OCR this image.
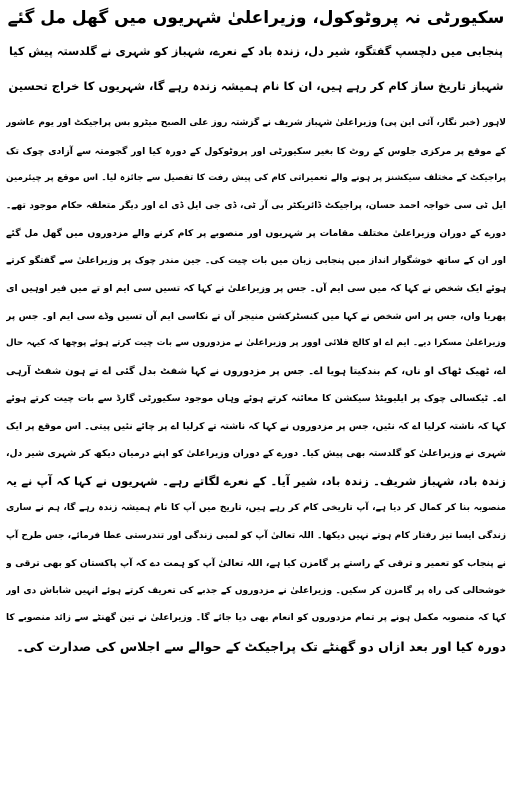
سکیورٹی نہ پروٹوکول، وزیراعلیٰ شہریوں میں گھل مل گئے
پنجابی میں دلچسپ گفتگو، شیر دل، زندہ باد کے نعرے، شہباز کو شہری نے گلدستہ پیش کیا
شہباز تاریخ ساز کام کر رہے ہیں، ان کا نام ہمیشہ زندہ رہے گا، شہریوں کا خراج تحسین
لاہور (خبر نگار، آئی این پی) وزیراعلیٰ شہباز شریف نے گزشتہ روز علی الصبح میٹرو بس پراجیکٹ اور یوم عاشور
کے موقع پر مرکزی جلوس کے روٹ کا بغیر سکیورٹی اور پروٹوکول کے دورہ کیا اور گجومتہ سے آزادی چوک تک
پراجیکٹ کے مختلف سیکشنز پر ہونے والے تعمیراتی کام کی پیش رفت کا تفصیل سے جائزہ لیا۔ اس موقع پر چیئرمین
ایل ٹی سی خواجہ احمد حسان، پراجیکٹ ڈائریکٹر بی آر ٹی، ڈی جی ایل ڈی اے اور دیگر متعلقہ حکام موجود تھے۔
دورے کے دوران وزیراعلیٰ مختلف مقامات پر شہریوں اور منصوبے پر کام کرنے والے مزدوروں میں گھل مل گئے
اور ان کے ساتھ خوشگوار انداز میں پنجابی زبان میں بات چیت کی۔ جین مندر چوک پر وزیراعلیٰ سے گفتگو کرتے
ہوئے ایک شخص نے کہا کہ میں سی ایم آں۔ جس پر وزیراعلیٰ نے کہا کہ تسیں سی ایم او تے میں فیر اوہیں ای
پھریا واں، جس پر اس شخص نے کہا میں کنسٹرکشن منیجر آں تے نکاسی ایم آں تسیں وڈے سی ایم او۔ جس پر
وزیراعلیٰ مسکرا دیے۔ ایم اے او کالج فلائی اوور پر وزیراعلیٰ نے مزدوروں سے بات چیت کرتے ہوئے پوچھا کہ کیہہ حال
اے، ٹھیک ٹھاک او ناں، کم بندکیتا ہویا اے۔ جس پر مزدوروں نے کہا شفٹ بدل گئی اے تے ہون شفٹ آرہی
اے۔ ٹیکسالی چوک پر ایلیویٹڈ سیکشن کا معائنہ کرتے ہوئے وہاں موجود سکیورٹی گارڈ سے بات چیت کرتے ہوئے
کہا کہ ناشتہ کرلیا اے کہ نئیں، جس پر مزدوروں نے کہا کہ ناشتہ تے کرلیا اے پر چائے نئیں پیتی۔ اس موقع پر ایک
شہری نے وزیراعلیٰ کو گلدستہ بھی پیش کیا۔ دورے کے دوران وزیراعلیٰ کو اپنے درمیان دیکھ کر شہری شیر دل،
زندہ باد، شہباز شریف۔ زندہ باد، شیر آیا۔ کے نعرے لگاتے رہے۔ شہریوں نے کہا کہ آپ نے یہ
منصوبہ بنا کر کمال کر دیا ہے، آپ تاریخی کام کر رہے ہیں، تاریخ میں آپ کا نام ہمیشہ زندہ رہے گا، ہم نے ساری
زندگی ایسا تیز رفتار کام ہوتے نہیں دیکھا۔ اللہ تعالیٰ آپ کو لمبی زندگی اور تندرستی عطا فرمائے، جس طرح آپ
نے پنجاب کو تعمیر و ترقی کے راستے پر گامزن کیا ہے، اللہ تعالیٰ آپ کو ہمت دے کہ آپ پاکستان کو بھی ترقی و
خوشحالی کی راہ پر گامزن کر سکیں۔ وزیراعلیٰ نے مزدوروں کے جذبے کی تعریف کرتے ہوئے انہیں شاباش دی اور
کہا کہ منصوبہ مکمل ہونے پر تمام مزدوروں کو انعام بھی دیا جائے گا۔ وزیراعلیٰ نے تین گھنٹے سے زائد منصوبے کا
دورہ کیا اور بعد ازاں دو گھنٹے تک پراجیکٹ کے حوالے سے اجلاس کی صدارت کی۔
